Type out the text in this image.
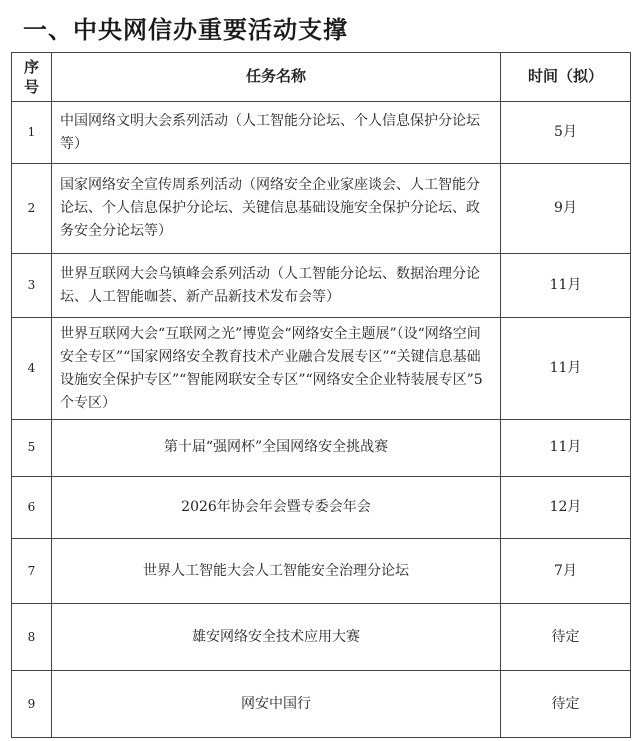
一、中央网信办重要活动支撑
序
号	任务名称	时间（拟）
1	中国网络文明大会系列活动（人工智能分论坛、个人信息保护分论坛等）	5月
2	国家网络安全宣传周系列活动（网络安全企业家座谈会、人工智能分论坛、个人信息保护分论坛、关键信息基础设施安全保护分论坛、政务安全分论坛等）	9月
3	世界互联网大会乌镇峰会系列活动（人工智能分论坛、数据治理分论坛、人工智能咖荟、新产品新技术发布会等）	11月
4	世界互联网大会“互联网之光”博览会“网络安全主题展”（设“网络空间安全专区”“国家网络安全教育技术产业融合发展专区”“关键信息基础设施安全保护专区”“智能网联安全专区”“网络安全企业特装展专区”5个专区）	11月
5	第十届“强网杯”全国网络安全挑战赛	11月
6	2026年协会年会暨专委会年会	12月
7	世界人工智能大会人工智能安全治理分论坛	7月
8	雄安网络安全技术应用大赛	待定
9	网安中国行	待定
